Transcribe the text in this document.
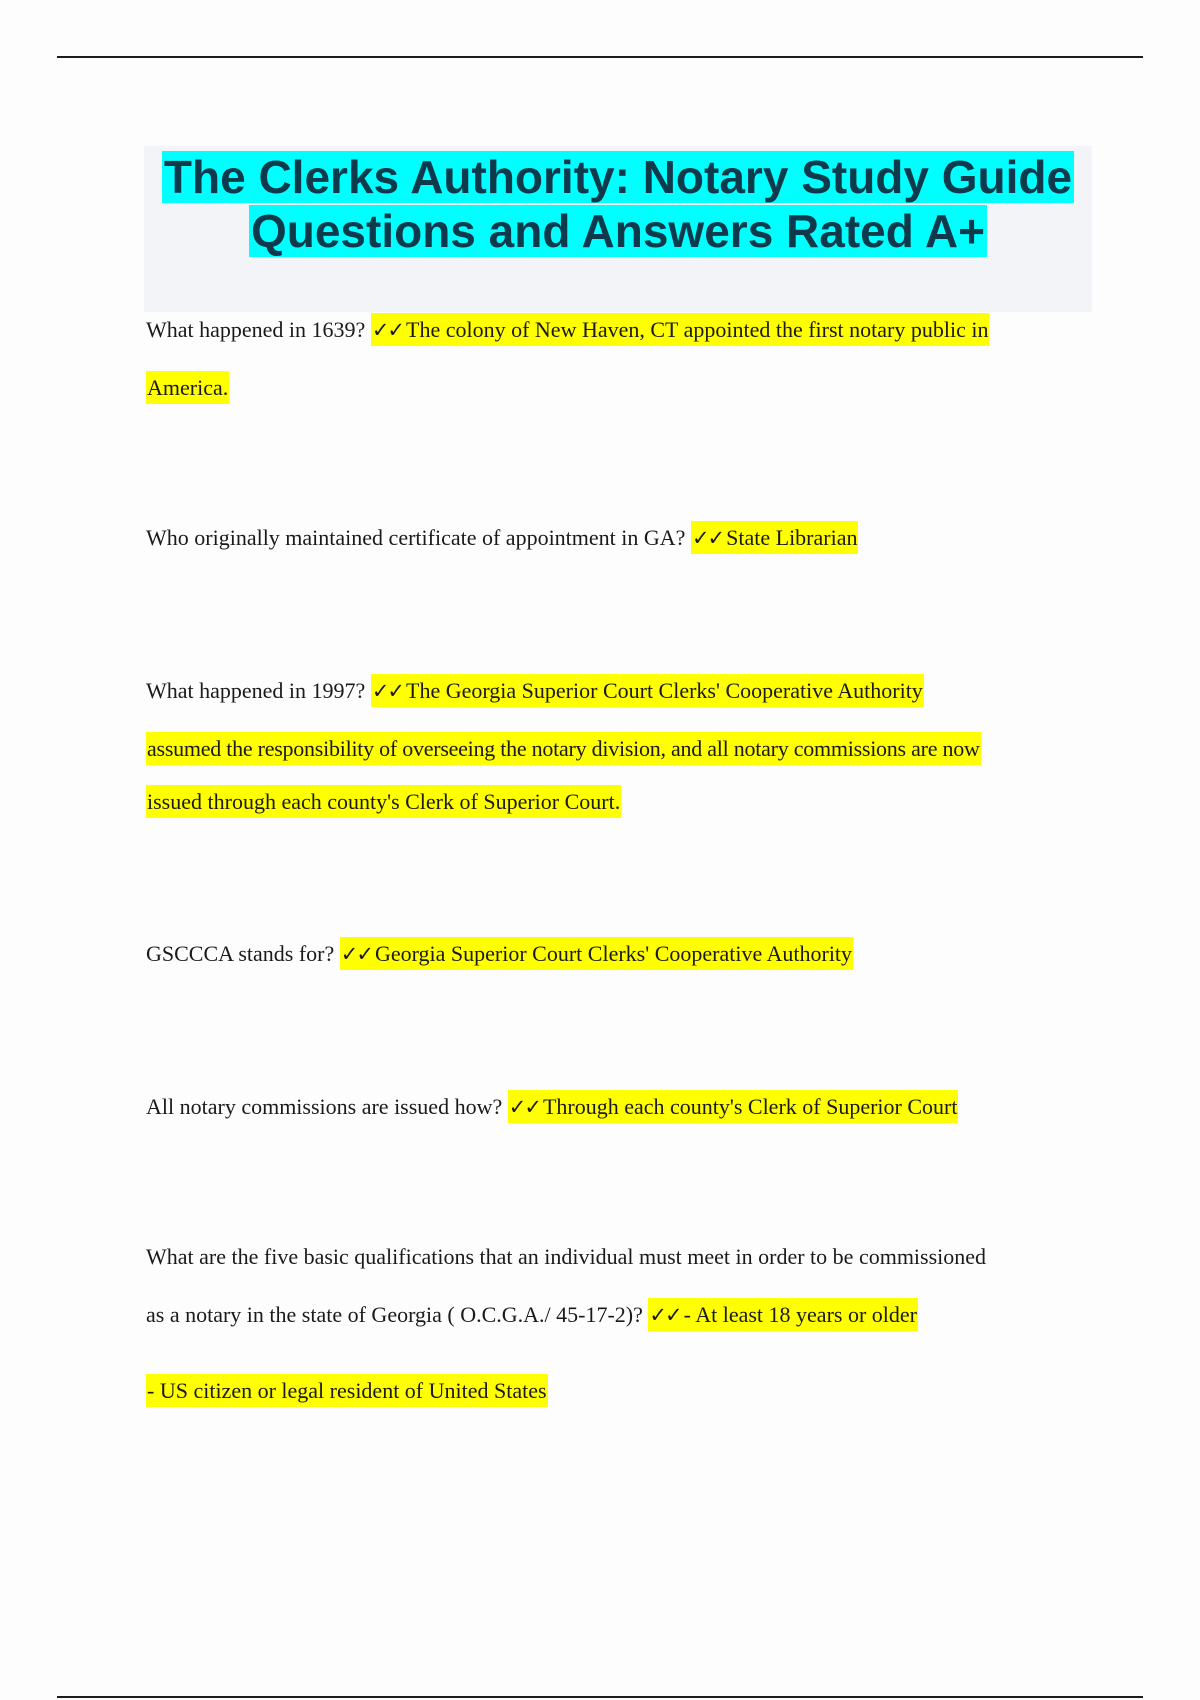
The Clerks Authority: Notary Study Guide Questions and Answers Rated A+

What happened in 1639? ✓✓ The colony of New Haven, CT appointed the first notary public in
America.

Who originally maintained certificate of appointment in GA? ✓✓ State Librarian

What happened in 1997? ✓✓ The Georgia Superior Court Clerks' Cooperative Authority
assumed the responsibility of overseeing the notary division, and all notary commissions are now
issued through each county's Clerk of Superior Court.

GSCCCA stands for? ✓✓ Georgia Superior Court Clerks' Cooperative Authority

All notary commissions are issued how? ✓✓ Through each county's Clerk of Superior Court

What are the five basic qualifications that an individual must meet in order to be commissioned
as a notary in the state of Georgia ( O.C.G.A./ 45-17-2)? ✓✓ - At least 18 years or older
- US citizen or legal resident of United States
